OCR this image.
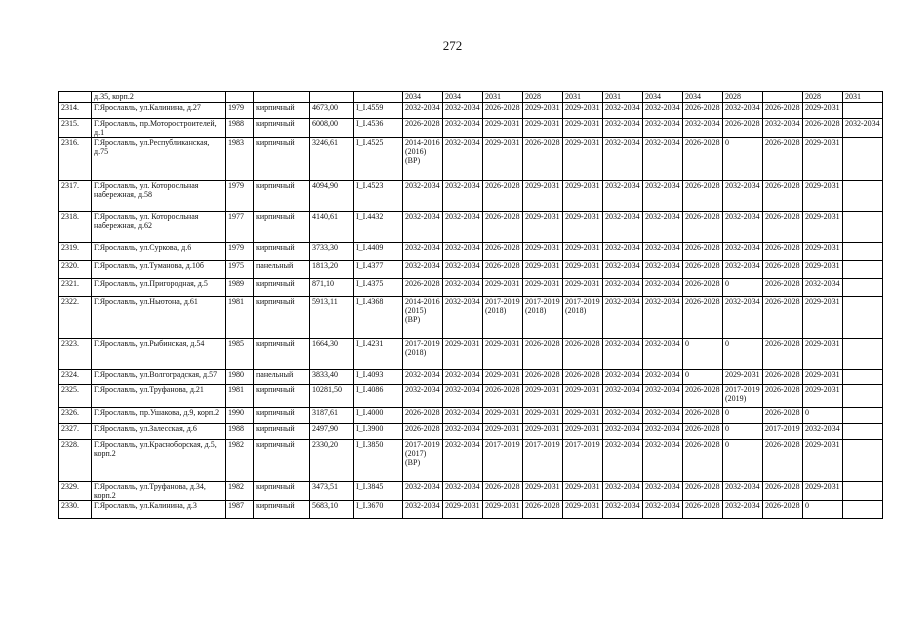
272
	д.35, корп.2					2034	2034	2031	2028	2031	2031	2034	2034	2028		2028	2031
2314.	Г.Ярославль, ул.Калинина, д.27	1979	кирпичный	4673,00	I_I.4559	2032-2034	2032-2034	2026-2028	2029-2031	2029-2031	2032-2034	2032-2034	2026-2028	2032-2034	2026-2028	2029-2031	
2315.	Г.Ярославль, пр.Моторостроителей, д.1	1988	кирпичный	6008,00	I_I.4536	2026-2028	2032-2034	2029-2031	2029-2031	2029-2031	2032-2034	2032-2034	2032-2034	2026-2028	2032-2034	2026-2028	2032-2034
2316.	Г.Ярославль, ул.Республиканская, д.75	1983	кирпичный	3246,61	I_I.4525	2014-2016 (2016) (ВР)	2032-2034	2029-2031	2026-2028	2029-2031	2032-2034	2032-2034	2026-2028	0	2026-2028	2029-2031	
2317.	Г.Ярославль, ул. Которосльная набережная, д.58	1979	кирпичный	4094,90	I_I.4523	2032-2034	2032-2034	2026-2028	2029-2031	2029-2031	2032-2034	2032-2034	2026-2028	2032-2034	2026-2028	2029-2031	
2318.	Г.Ярославль, ул. Которосльная набережная, д.62	1977	кирпичный	4140,61	I_I.4432	2032-2034	2032-2034	2026-2028	2029-2031	2029-2031	2032-2034	2032-2034	2026-2028	2032-2034	2026-2028	2029-2031	
2319.	Г.Ярославль, ул.Суркова, д.6	1979	кирпичный	3733,30	I_I.4409	2032-2034	2032-2034	2026-2028	2029-2031	2029-2031	2032-2034	2032-2034	2026-2028	2032-2034	2026-2028	2029-2031	
2320.	Г.Ярославль, ул.Туманова, д.10б	1975	панельный	1813,20	I_I.4377	2032-2034	2032-2034	2026-2028	2029-2031	2029-2031	2032-2034	2032-2034	2026-2028	2032-2034	2026-2028	2029-2031	
2321.	Г.Ярославль, ул.Пригородная, д.5	1989	кирпичный	871,10	I_I.4375	2026-2028	2032-2034	2029-2031	2029-2031	2029-2031	2032-2034	2032-2034	2026-2028	0	2026-2028	2032-2034	
2322.	Г.Ярославль, ул.Ньютона, д.61	1981	кирпичный	5913,11	I_I.4368	2014-2016 (2015) (ВР)	2032-2034	2017-2019 (2018)	2017-2019 (2018)	2017-2019 (2018)	2032-2034	2032-2034	2026-2028	2032-2034	2026-2028	2029-2031	
2323.	Г.Ярославль, ул.Рыбинская, д.54	1985	кирпичный	1664,30	I_I.4231	2017-2019 (2018)	2029-2031	2029-2031	2026-2028	2026-2028	2032-2034	2032-2034	0	0	2026-2028	2029-2031	
2324.	Г.Ярославль, ул.Волгоградская, д.57	1980	панельный	3833,40	I_I.4093	2032-2034	2032-2034	2029-2031	2026-2028	2026-2028	2032-2034	2032-2034	0	2029-2031	2026-2028	2029-2031	
2325.	Г.Ярославль, ул.Труфанова, д.21	1981	кирпичный	10281,50	I_I.4086	2032-2034	2032-2034	2026-2028	2029-2031	2029-2031	2032-2034	2032-2034	2026-2028	2017-2019 (2019)	2026-2028	2029-2031	
2326.	Г.Ярославль, пр.Ушакова, д.9, корп.2	1990	кирпичный	3187,61	I_I.4000	2026-2028	2032-2034	2029-2031	2029-2031	2029-2031	2032-2034	2032-2034	2026-2028	0	2026-2028	0	
2327.	Г.Ярославль, ул.Залесская, д.6	1988	кирпичный	2497,90	I_I.3900	2026-2028	2032-2034	2029-2031	2029-2031	2029-2031	2032-2034	2032-2034	2026-2028	0	2017-2019	2032-2034	
2328.	Г.Ярославль, ул.Красноборская, д.5, корп.2	1982	кирпичный	2330,20	I_I.3850	2017-2019 (2017) (ВР)	2032-2034	2017-2019	2017-2019	2017-2019	2032-2034	2032-2034	2026-2028	0	2026-2028	2029-2031	
2329.	Г.Ярославль, ул.Труфанова, д.34, корп.2	1982	кирпичный	3473,51	I_I.3845	2032-2034	2032-2034	2026-2028	2029-2031	2029-2031	2032-2034	2032-2034	2026-2028	2032-2034	2026-2028	2029-2031	
2330.	Г.Ярославль, ул.Калинина, д.3	1987	кирпичный	5683,10	I_I.3670	2032-2034	2029-2031	2029-2031	2026-2028	2029-2031	2032-2034	2032-2034	2026-2028	2032-2034	2026-2028	0	
